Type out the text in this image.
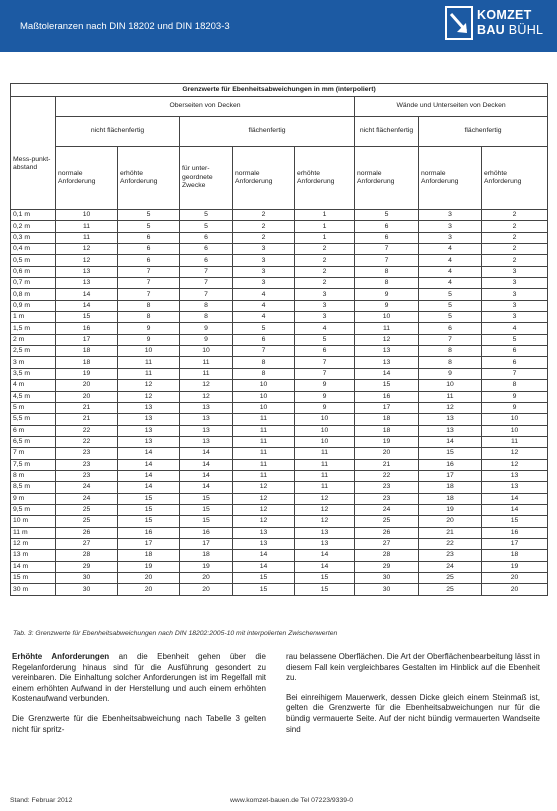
Maßtoleranzen nach DIN 18202 und DIN 18203-3
KOMZET
BAU BÜHL
Grenzwerte für Ebenheitsabweichungen in mm (interpoliert)								
Mess-punkt-abstand	Oberseiten von Decken					Wände und Unterseiten von Decken		
	nicht flächenfertig		flächenfertig			nicht flächenfertig	flächenfertig	
	normale Anforderung	erhöhte Anforderung	für unter-geordnete Zwecke	normale Anforderung	erhöhte Anforderung	normale Anforderung	normale Anforderung	erhöhte Anforderung
0,1 m	10	5	5	2	1	5	3	2
0,2 m	11	5	5	2	1	6	3	2
0,3 m	11	6	6	2	1	6	3	2
0,4 m	12	6	6	3	2	7	4	2
0,5 m	12	6	6	3	2	7	4	2
0,6 m	13	7	7	3	2	8	4	3
0,7 m	13	7	7	3	2	8	4	3
0,8 m	14	7	7	4	3	9	5	3
0,9 m	14	8	8	4	3	9	5	3
1 m	15	8	8	4	3	10	5	3
1,5 m	16	9	9	5	4	11	6	4
2 m	17	9	9	6	5	12	7	5
2,5 m	18	10	10	7	6	13	8	6
3 m	18	11	11	8	7	13	8	6
3,5 m	19	11	11	8	7	14	9	7
4 m	20	12	12	10	9	15	10	8
4,5 m	20	12	12	10	9	16	11	9
5 m	21	13	13	10	9	17	12	9
5,5 m	21	13	13	11	10	18	13	10
6 m	22	13	13	11	10	18	13	10
6,5 m	22	13	13	11	10	19	14	11
7 m	23	14	14	11	11	20	15	12
7,5 m	23	14	14	11	11	21	16	12
8 m	23	14	14	11	11	22	17	13
8,5 m	24	14	14	12	11	23	18	13
9 m	24	15	15	12	12	23	18	14
9,5 m	25	15	15	12	12	24	19	14
10 m	25	15	15	12	12	25	20	15
11 m	26	16	16	13	13	26	21	16
12 m	27	17	17	13	13	27	22	17
13 m	28	18	18	14	14	28	23	18
14 m	29	19	19	14	14	29	24	19
15 m	30	20	20	15	15	30	25	20
30 m	30	20	20	15	15	30	25	20
Tab. 3: Grenzwerte für Ebenheitsabweichungen nach DIN 18202:2005-10 mit interpolierten Zwischenwerten

Erhöhte Anforderungen an die Ebenheit gehen über die Regelanforderung hinaus sind für die Ausführung gesondert zu vereinbaren. Die Einhaltung solcher Anforderungen ist im Regelfall mit einem erhöhten Aufwand in der Herstellung und auch einem erhöhten Kostenaufwand verbunden.

Die Grenzwerte für die Ebenheitsabweichung nach Tabelle 3 gelten nicht für spritz-

rau belassene Oberflächen. Die Art der Oberflächenbearbeitung lässt in diesem Fall kein vergleichbares Gestalten im Hinblick auf die Ebenheit zu.

Bei einreihigem Mauerwerk, dessen Dicke gleich einem Steinmaß ist, gelten die Grenzwerte für die Ebenheitsabweichungen nur für die bündig vermauerte Seite. Auf der nicht bündig vermauerten Wandseite sind

Stand: Februar 2012	www.komzet-bauen.de Tel 07223/9339-0
